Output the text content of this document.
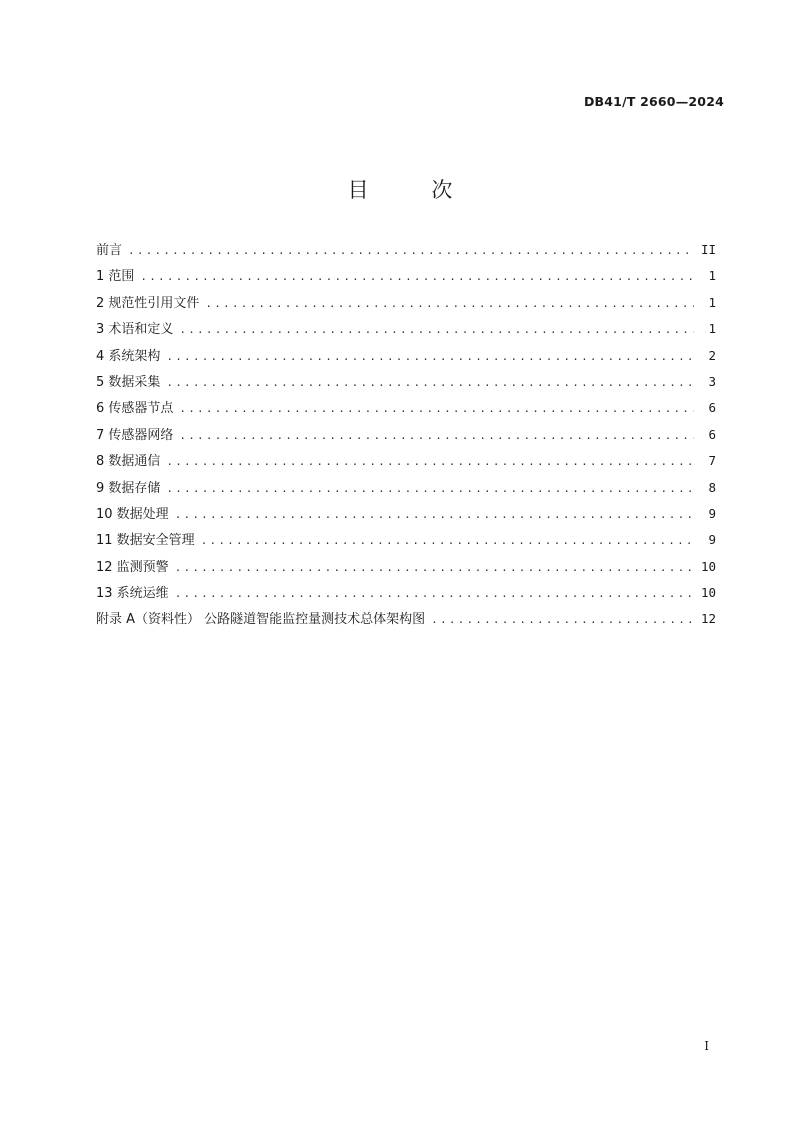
DB41/T 2660—2024
目 次
前言 .....	II
1 范围 .....	1
2 规范性引用文件 .....	1
3 术语和定义 .....	1
4 系统架构 .....	2
5 数据采集 .....	3
6 传感器节点 .....	6
7 传感器网络 .....	6
8 数据通信 .....	7
9 数据存储 .....	8
10 数据处理 .....	9
11 数据安全管理 .....	9
12 监测预警 .....	10
13 系统运维 .....	10
附录 A（资料性） 公路隧道智能监控量测技术总体架构图 .....	12
I
